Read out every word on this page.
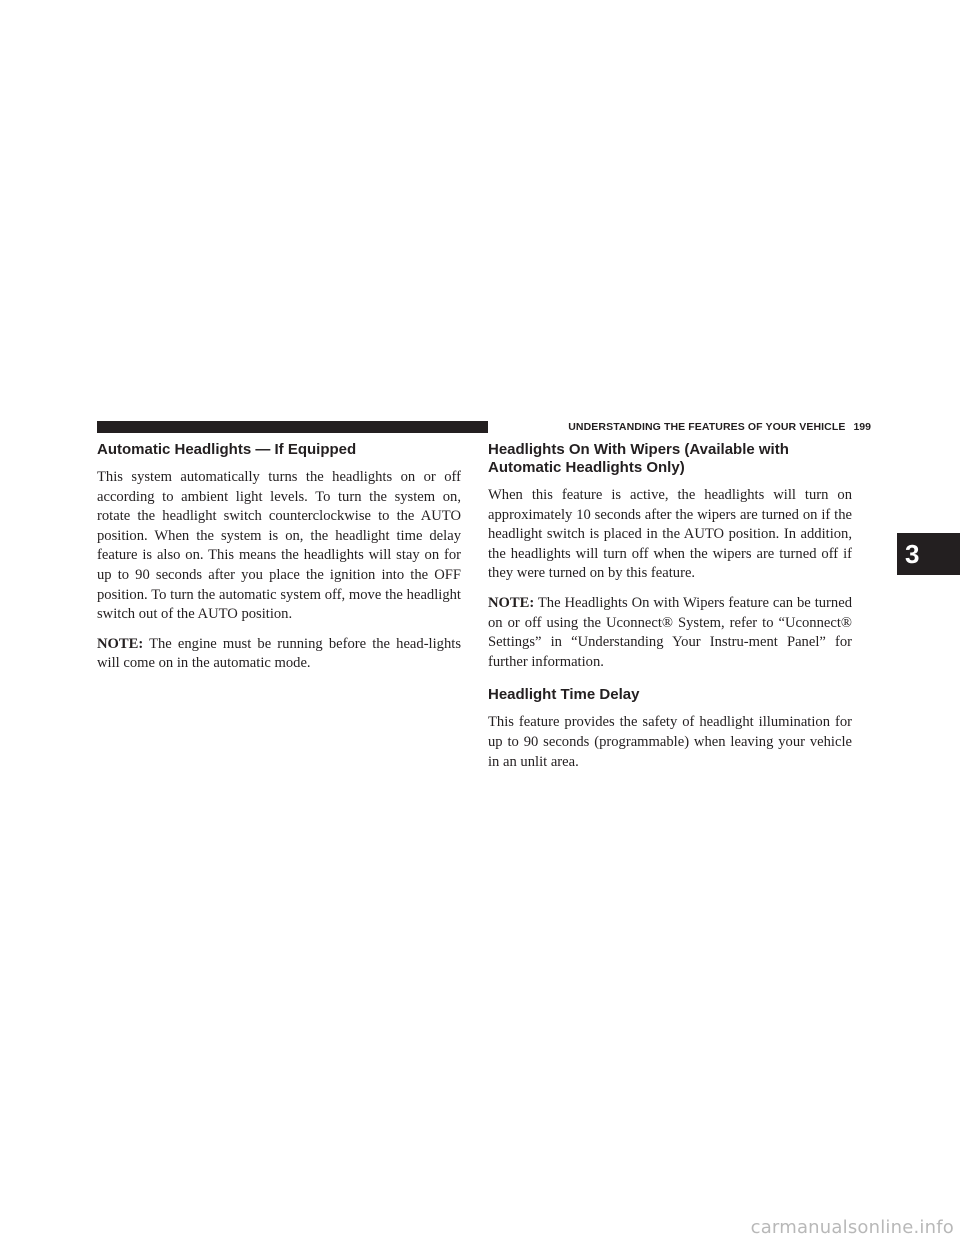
UNDERSTANDING THE FEATURES OF YOUR VEHICLE 199
Automatic Headlights — If Equipped

This system automatically turns the headlights on or off according to ambient light levels. To turn the system on, rotate the headlight switch counterclockwise to the AUTO position. When the system is on, the headlight time delay feature is also on. This means the headlights will stay on for up to 90 seconds after you place the ignition into the OFF position. To turn the automatic system off, move the headlight switch out of the AUTO position.

NOTE: The engine must be running before the head-lights will come on in the automatic mode.

Headlights On With Wipers (Available with Automatic Headlights Only)

When this feature is active, the headlights will turn on approximately 10 seconds after the wipers are turned on if the headlight switch is placed in the AUTO position. In addition, the headlights will turn off when the wipers are turned off if they were turned on by this feature.

NOTE: The Headlights On with Wipers feature can be turned on or off using the Uconnect® System, refer to “Uconnect® Settings” in “Understanding Your Instru-ment Panel” for further information.

Headlight Time Delay

This feature provides the safety of headlight illumination for up to 90 seconds (programmable) when leaving your vehicle in an unlit area.

3
carmanualsonline.info
